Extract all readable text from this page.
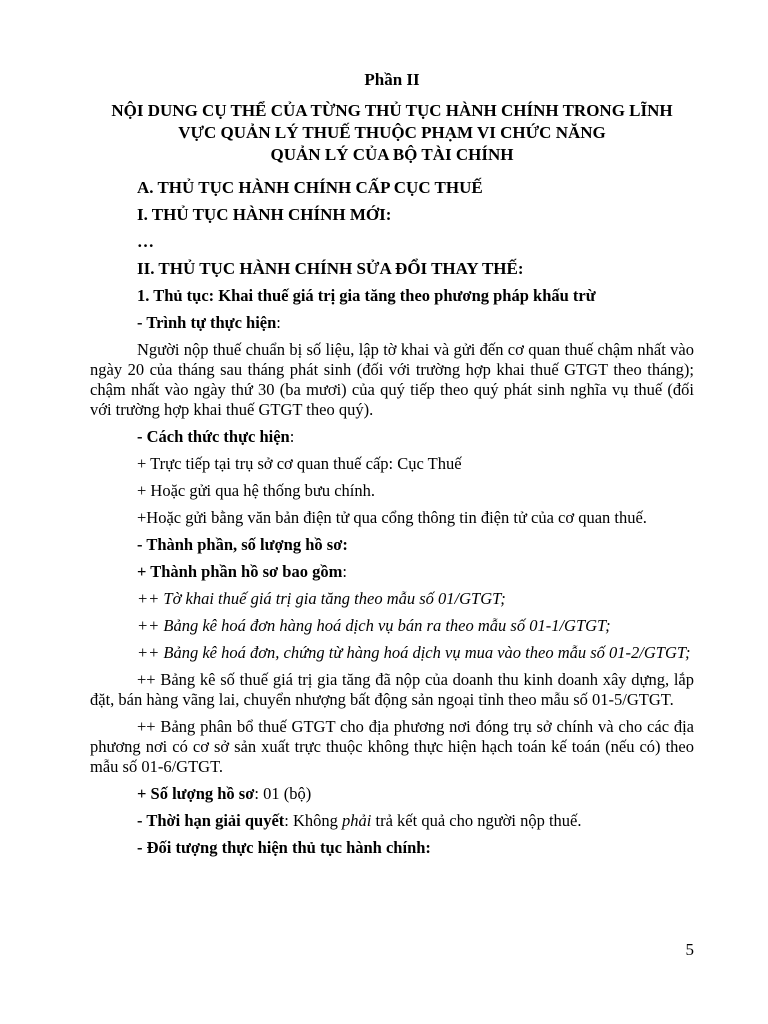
Phần II
NỘI DUNG CỤ THỂ CỦA TỪNG THỦ TỤC HÀNH CHÍNH TRONG LĨNH
VỰC QUẢN LÝ THUẾ THUỘC PHẠM VI CHỨC NĂNG
QUẢN LÝ CỦA BỘ TÀI CHÍNH
A. THỦ TỤC HÀNH CHÍNH CẤP CỤC THUẾ
I. THỦ TỤC HÀNH CHÍNH MỚI:
…
II. THỦ TỤC HÀNH CHÍNH SỬA ĐỔI THAY THẾ:
1. Thủ tục: Khai thuế giá trị gia tăng theo phương pháp khấu trừ
- Trình tự thực hiện:
Người nộp thuế chuẩn bị số liệu, lập tờ khai và gửi đến cơ quan thuế chậm nhất vào ngày 20 của tháng sau tháng phát sinh (đối với trường hợp khai thuế GTGT theo tháng); chậm nhất vào ngày thứ 30 (ba mươi) của quý tiếp theo quý phát sinh nghĩa vụ thuế (đối với trường hợp khai thuế GTGT theo quý).
- Cách thức thực hiện:
+ Trực tiếp tại trụ sở cơ quan thuế cấp: Cục Thuế
+ Hoặc gửi qua hệ thống bưu chính.
+Hoặc gửi bằng văn bản điện tử qua cổng thông tin điện tử của cơ quan thuế.
- Thành phần, số lượng hồ sơ:
+ Thành phần hồ sơ bao gồm:
++ Tờ khai thuế giá trị gia tăng theo mẫu số 01/GTGT;
++ Bảng kê hoá đơn hàng hoá dịch vụ bán ra theo mẫu số 01-1/GTGT;
++ Bảng kê hoá đơn, chứng từ hàng hoá dịch vụ mua vào theo mẫu số 01-2/GTGT;
++ Bảng kê số thuế giá trị gia tăng đã nộp của doanh thu kinh doanh xây dựng, lắp đặt, bán hàng vãng lai, chuyển nhượng bất động sản ngoại tỉnh theo mẫu số 01-5/GTGT.
++ Bảng phân bổ thuế GTGT cho địa phương nơi đóng trụ sở chính và cho các địa phương nơi có cơ sở sản xuất trực thuộc không thực hiện hạch toán kế toán (nếu có) theo mẫu số 01-6/GTGT.
+ Số lượng hồ sơ: 01 (bộ)
- Thời hạn giải quyết: Không phải trả kết quả cho người nộp thuế.
- Đối tượng thực hiện thủ tục hành chính:
5
